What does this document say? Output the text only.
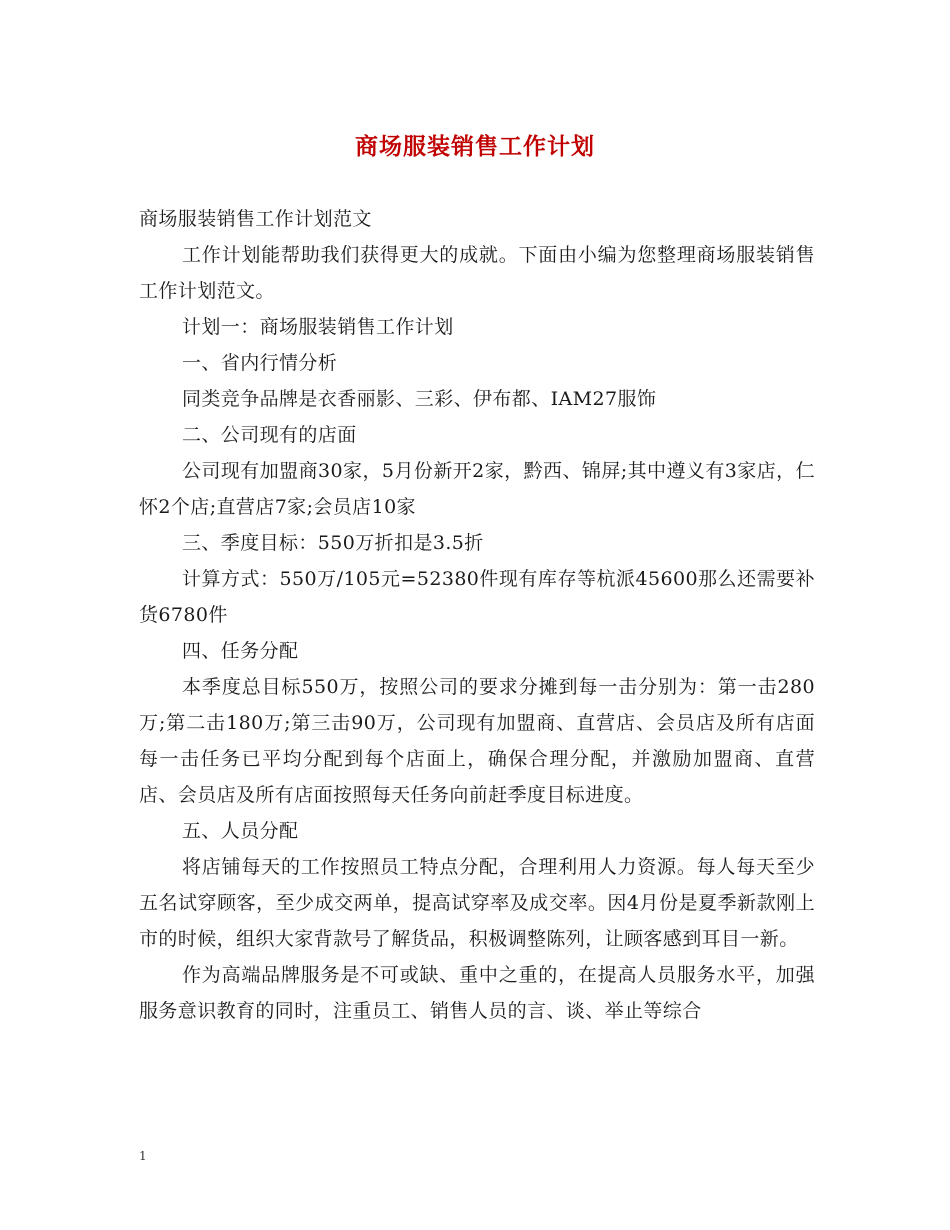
商场服装销售工作计划

商场服装销售工作计划范文

工作计划能帮助我们获得更大的成就。下面由小编为您整理商场服装销售工作计划范文。

计划一：商场服装销售工作计划

一、省内行情分析

同类竞争品牌是衣香丽影、三彩、伊布都、IAM27服饰

二、公司现有的店面

公司现有加盟商30家，5月份新开2家，黔西、锦屏;其中遵义有3家店，仁怀2个店;直营店7家;会员店10家

三、季度目标：550万折扣是3.5折

计算方式：550万/105元=52380件现有库存等杭派45600那么还需要补货6780件

四、任务分配

本季度总目标550万，按照公司的要求分摊到每一击分别为：第一击280万;第二击180万;第三击90万，公司现有加盟商、直营店、会员店及所有店面每一击任务已平均分配到每个店面上，确保合理分配，并激励加盟商、直营店、会员店及所有店面按照每天任务向前赶季度目标进度。

五、人员分配

将店铺每天的工作按照员工特点分配，合理利用人力资源。每人每天至少五名试穿顾客，至少成交两单，提高试穿率及成交率。因4月份是夏季新款刚上市的时候，组织大家背款号了解货品，积极调整陈列，让顾客感到耳目一新。

作为高端品牌服务是不可或缺、重中之重的，在提高人员服务水平，加强服务意识教育的同时，注重员工、销售人员的言、谈、举止等综合

1
